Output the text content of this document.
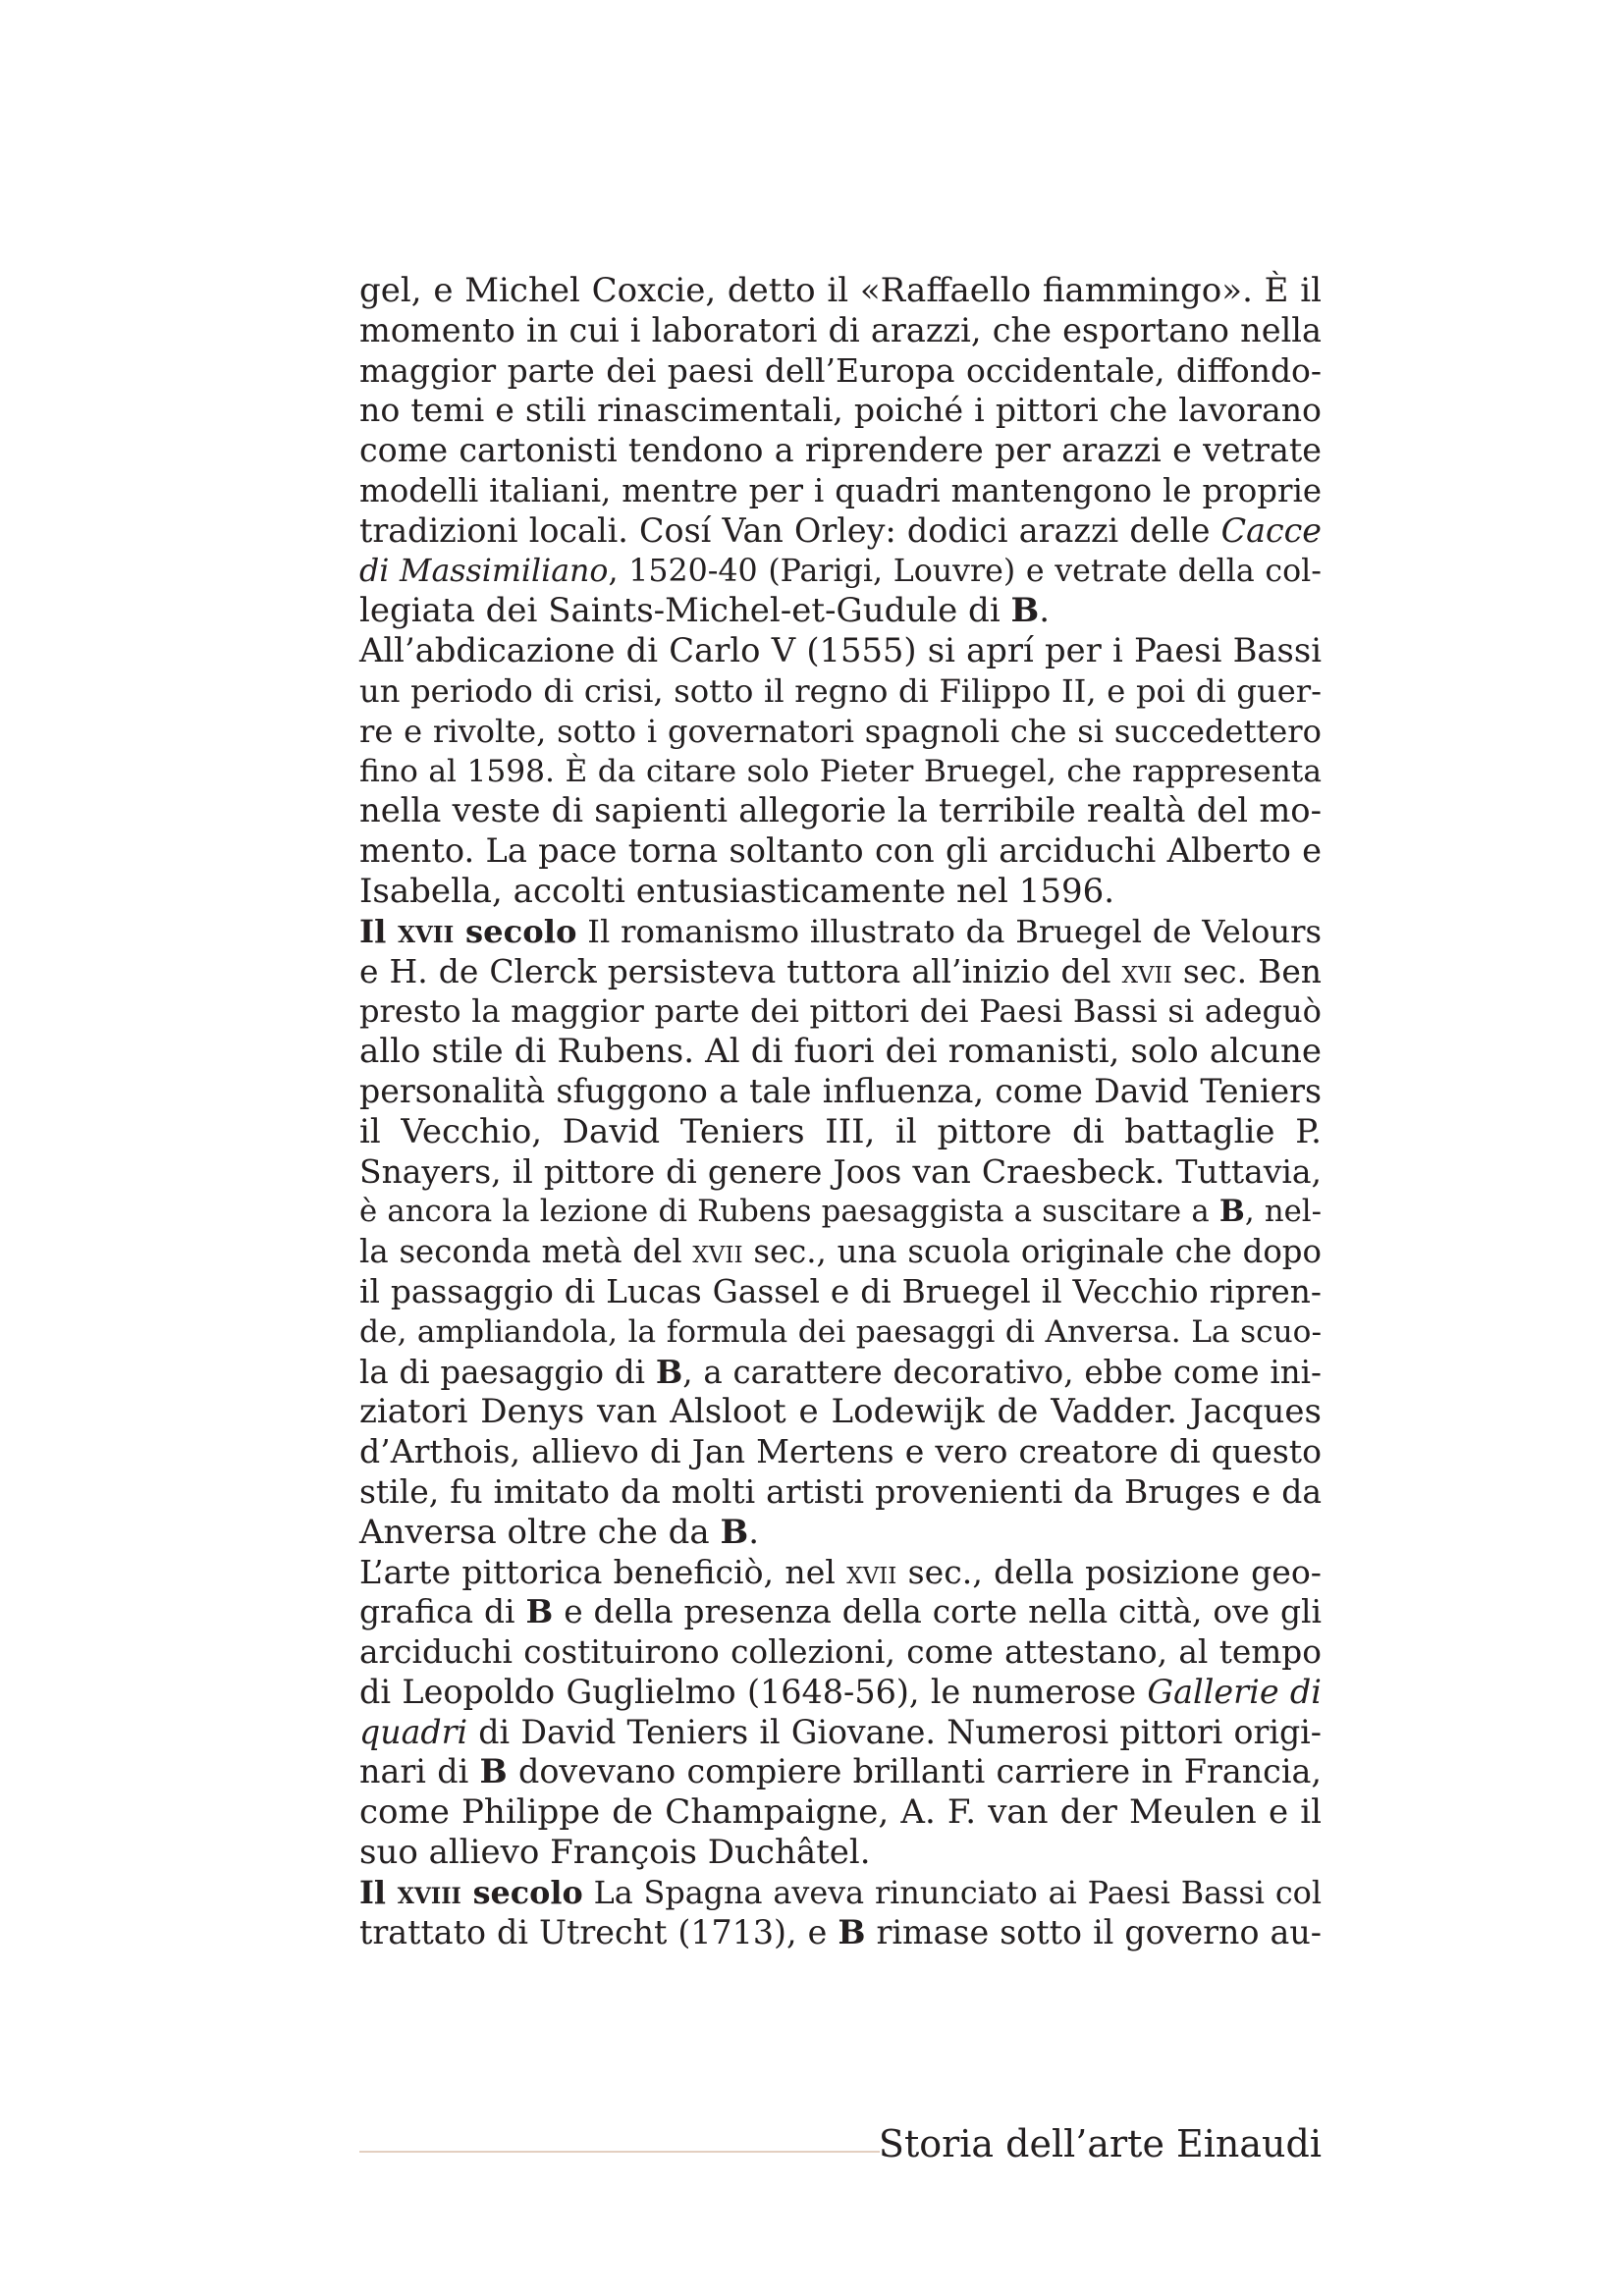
gel, e Michel Coxcie, detto il «Raffaello fiammingo». È il
momento in cui i laboratori di arazzi, che esportano nella
maggior parte dei paesi dell’Europa occidentale, diffondo-
no temi e stili rinascimentali, poiché i pittori che lavorano
come cartonisti tendono a riprendere per arazzi e vetrate
modelli italiani, mentre per i quadri mantengono le proprie
tradizioni locali. Cosí Van Orley: dodici arazzi delle Cacce
di Massimiliano, 1520-40 (Parigi, Louvre) e vetrate della col-
legiata dei Saints-Michel-et-Gudule di B.
All’abdicazione di Carlo V (1555) si aprí per i Paesi Bassi
un periodo di crisi, sotto il regno di Filippo II, e poi di guer-
re e rivolte, sotto i governatori spagnoli che si succedettero
fino al 1598. È da citare solo Pieter Bruegel, che rappresenta
nella veste di sapienti allegorie la terribile realtà del mo-
mento. La pace torna soltanto con gli arciduchi Alberto e
Isabella, accolti entusiasticamente nel 1596.
Il xvii secolo Il romanismo illustrato da Bruegel de Velours
e H. de Clerck persisteva tuttora all’inizio del xvii sec. Ben
presto la maggior parte dei pittori dei Paesi Bassi si adeguò
allo stile di Rubens. Al di fuori dei romanisti, solo alcune
personalità sfuggono a tale influenza, come David Teniers
il Vecchio, David Teniers III, il pittore di battaglie P.
Snayers, il pittore di genere Joos van Craesbeck. Tuttavia,
è ancora la lezione di Rubens paesaggista a suscitare a B, nel-
la seconda metà del xvii sec., una scuola originale che dopo
il passaggio di Lucas Gassel e di Bruegel il Vecchio ripren-
de, ampliandola, la formula dei paesaggi di Anversa. La scuo-
la di paesaggio di B, a carattere decorativo, ebbe come ini-
ziatori Denys van Alsloot e Lodewijk de Vadder. Jacques
d’Arthois, allievo di Jan Mertens e vero creatore di questo
stile, fu imitato da molti artisti provenienti da Bruges e da
Anversa oltre che da B.
L’arte pittorica beneficiò, nel xvii sec., della posizione geo-
grafica di B e della presenza della corte nella città, ove gli
arciduchi costituirono collezioni, come attestano, al tempo
di Leopoldo Guglielmo (1648-56), le numerose Gallerie di
quadri di David Teniers il Giovane. Numerosi pittori origi-
nari di B dovevano compiere brillanti carriere in Francia,
come Philippe de Champaigne, A. F. van der Meulen e il
suo allievo François Duchâtel.
Il xviii secolo La Spagna aveva rinunciato ai Paesi Bassi col
trattato di Utrecht (1713), e B rimase sotto il governo au-
Storia dell’arte Einaudi
